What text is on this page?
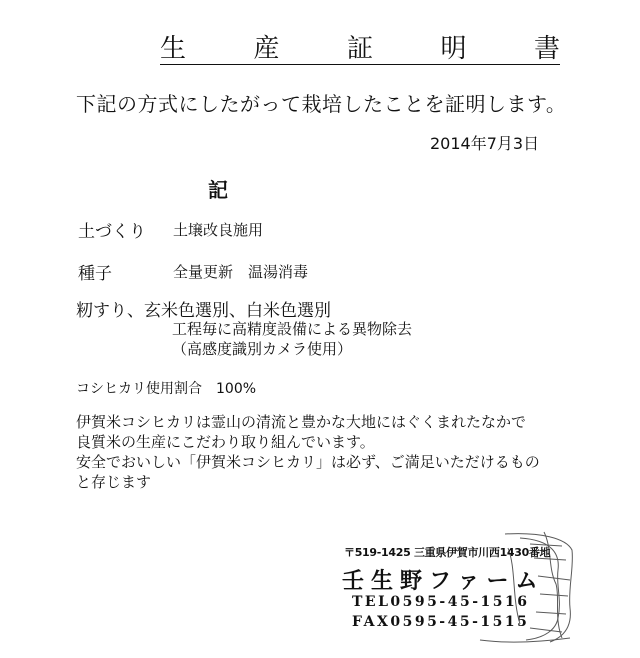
生	産	証	明	書
下記の方式にしたがって栽培したことを証明します。
2014年7月3日
記
土づくり 土壌改良施用
種子	全量更新　温湯消毒
籾すり、玄米色選別、白米色選別
工程毎に高精度設備による異物除去
（高感度識別カメラ使用）
コシヒカリ使用割合　100%

伊賀米コシヒカリは霊山の清流と豊かな大地にはぐくまれたなかで

良質米の生産にこだわり取り組んでいます。

安全でおいしい「伊賀米コシヒカリ」は必ず、ご満足いただけるもの

と存じます

〒519-1425 三重県伊賀市川西1430番地
壬生野ファーム
TEL0595-45-1516
FAX0595-45-1515
